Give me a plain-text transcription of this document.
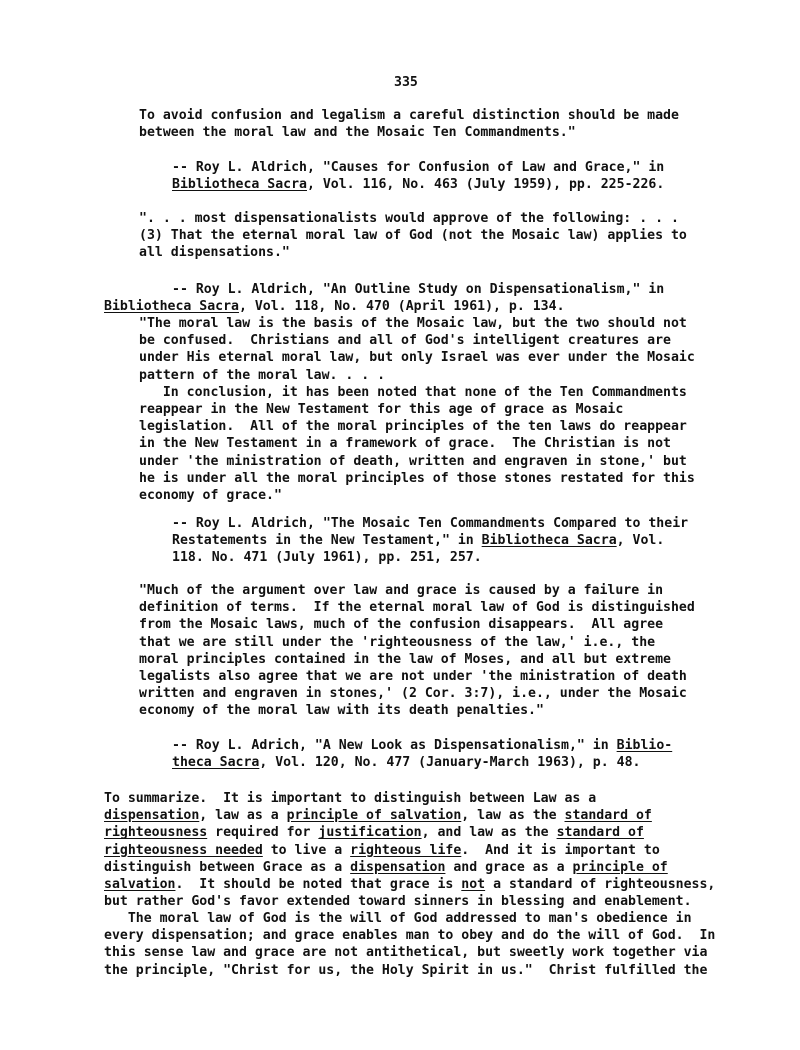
335
To avoid confusion and legalism a careful distinction should be made
between the moral law and the Mosaic Ten Commandments."
-- Roy L. Aldrich, "Causes for Confusion of Law and Grace," in
Bibliotheca Sacra, Vol. 116, No. 463 (July 1959), pp. 225-226.
". . . most dispensationalists would approve of the following: . . .
(3) That the eternal moral law of God (not the Mosaic law) applies to
all dispensations."
-- Roy L. Aldrich, "An Outline Study on Dispensationalism," in
Bibliotheca Sacra, Vol. 118, No. 470 (April 1961), p. 134.
"The moral law is the basis of the Mosaic law, but the two should not
be confused.  Christians and all of God's intelligent creatures are
under His eternal moral law, but only Israel was ever under the Mosaic
pattern of the moral law. . . .
In conclusion, it has been noted that none of the Ten Commandments
reappear in the New Testament for this age of grace as Mosaic
legislation.  All of the moral principles of the ten laws do reappear
in the New Testament in a framework of grace.  The Christian is not
under 'the ministration of death, written and engraven in stone,' but
he is under all the moral principles of those stones restated for this
economy of grace."
-- Roy L. Aldrich, "The Mosaic Ten Commandments Compared to their
Restatements in the New Testament," in Bibliotheca Sacra, Vol.
118. No. 471 (July 1961), pp. 251, 257.
"Much of the argument over law and grace is caused by a failure in
definition of terms.  If the eternal moral law of God is distinguished
from the Mosaic laws, much of the confusion disappears.  All agree
that we are still under the 'righteousness of the law,' i.e., the
moral principles contained in the law of Moses, and all but extreme
legalists also agree that we are not under 'the ministration of death
written and engraven in stones,' (2 Cor. 3:7), i.e., under the Mosaic
economy of the moral law with its death penalties."
-- Roy L. Adrich, "A New Look as Dispensationalism," in Biblio-
theca Sacra, Vol. 120, No. 477 (January-March 1963), p. 48.
To summarize.  It is important to distinguish between Law as a
dispensation, law as a principle of salvation, law as the standard of
righteousness required for justification, and law as the standard of
righteousness needed to live a righteous life.  And it is important to
distinguish between Grace as a dispensation and grace as a principle of
salvation.  It should be noted that grace is not a standard of righteousness,
but rather God's favor extended toward sinners in blessing and enablement.
The moral law of God is the will of God addressed to man's obedience in
every dispensation; and grace enables man to obey and do the will of God.  In
this sense law and grace are not antithetical, but sweetly work together via
the principle, "Christ for us, the Holy Spirit in us."  Christ fulfilled the
